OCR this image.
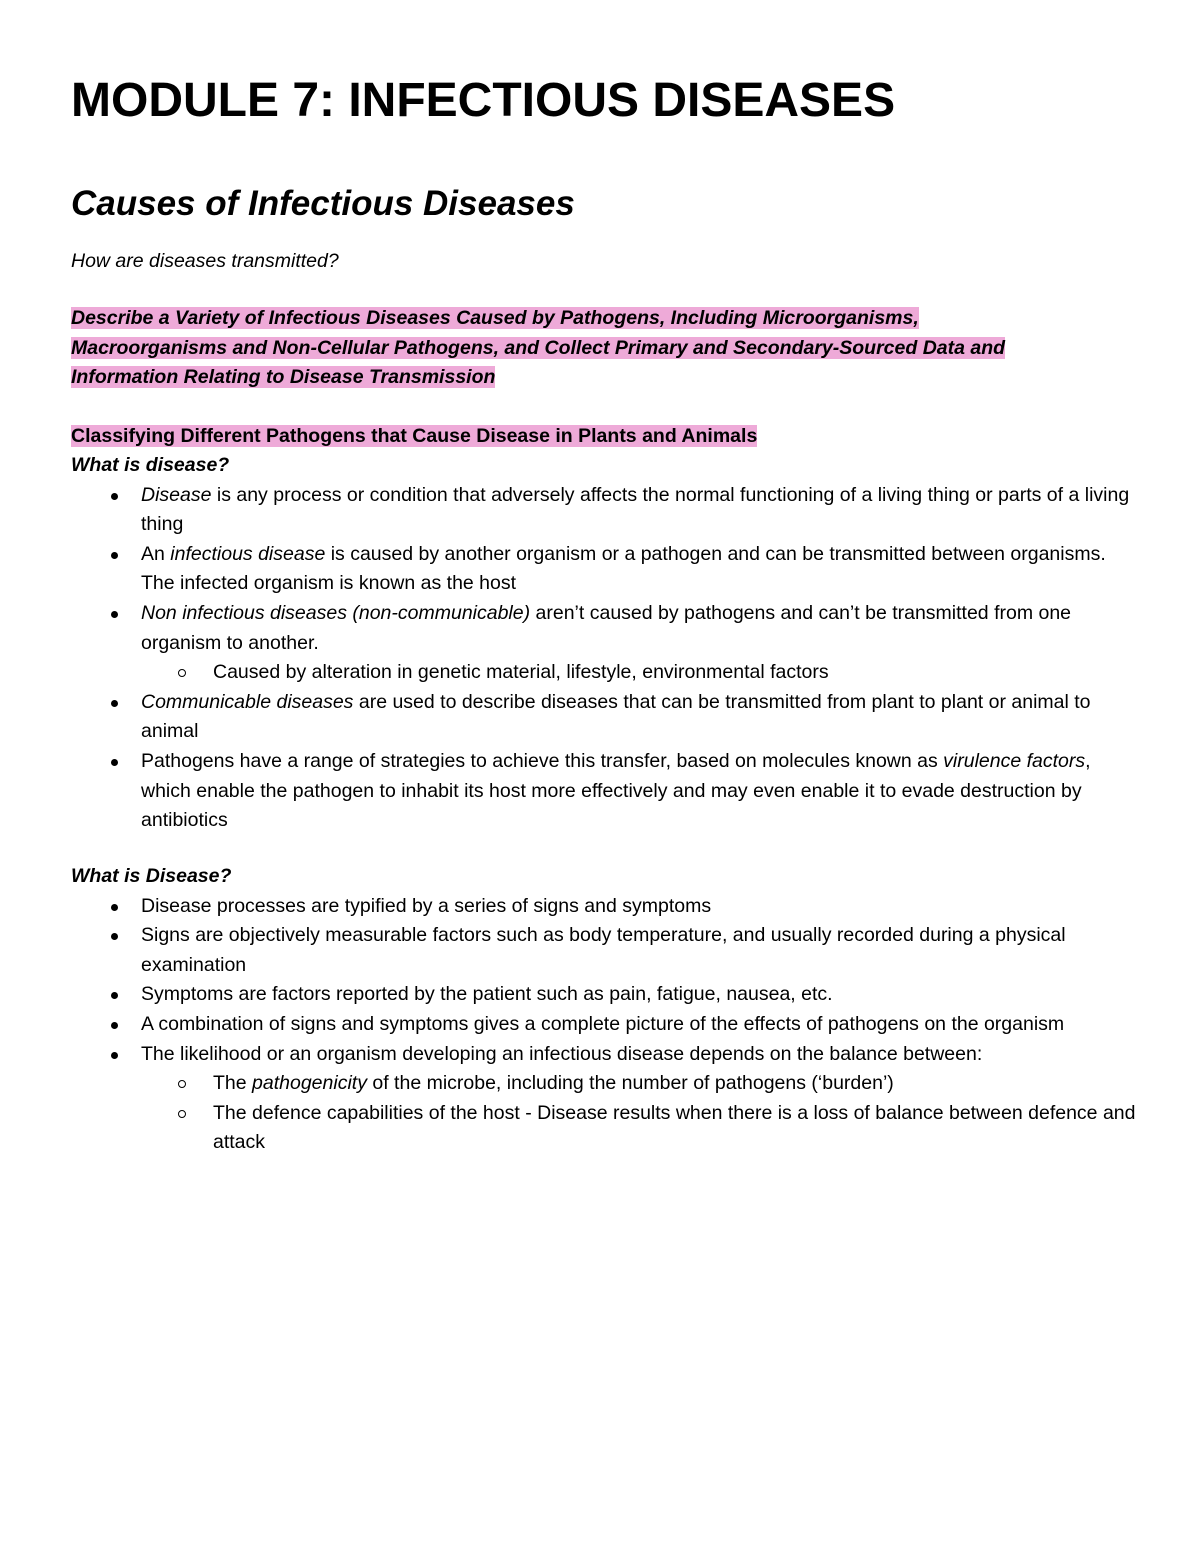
MODULE 7: INFECTIOUS DISEASES
Causes of Infectious Diseases

How are diseases transmitted?

Describe a Variety of Infectious Diseases Caused by Pathogens, Including Microorganisms,
Macroorganisms and Non-Cellular Pathogens, and Collect Primary and Secondary-Sourced Data and
Information Relating to Disease Transmission

Classifying Different Pathogens that Cause Disease in Plants and Animals

What is disease?

Disease is any process or condition that adversely affects the normal functioning of a living thing or parts of a living thing
An infectious disease is caused by another organism or a pathogen and can be transmitted between organisms. The infected organism is known as the host
Non infectious diseases (non-communicable) aren’t caused by pathogens and can’t be transmitted from one organism to another.
Caused by alteration in genetic material, lifestyle, environmental factors
Communicable diseases are used to describe diseases that can be transmitted from plant to plant or animal to animal
Pathogens have a range of strategies to achieve this transfer, based on molecules known as virulence factors, which enable the pathogen to inhabit its host more effectively and may even enable it to evade destruction by antibiotics

What is Disease?

Disease processes are typified by a series of signs and symptoms
Signs are objectively measurable factors such as body temperature, and usually recorded during a physical examination
Symptoms are factors reported by the patient such as pain, fatigue, nausea, etc.
A combination of signs and symptoms gives a complete picture of the effects of pathogens on the organism
The likelihood or an organism developing an infectious disease depends on the balance between:
The pathogenicity of the microbe, including the number of pathogens (‘burden’)
The defence capabilities of the host - Disease results when there is a loss of balance between defence and attack
